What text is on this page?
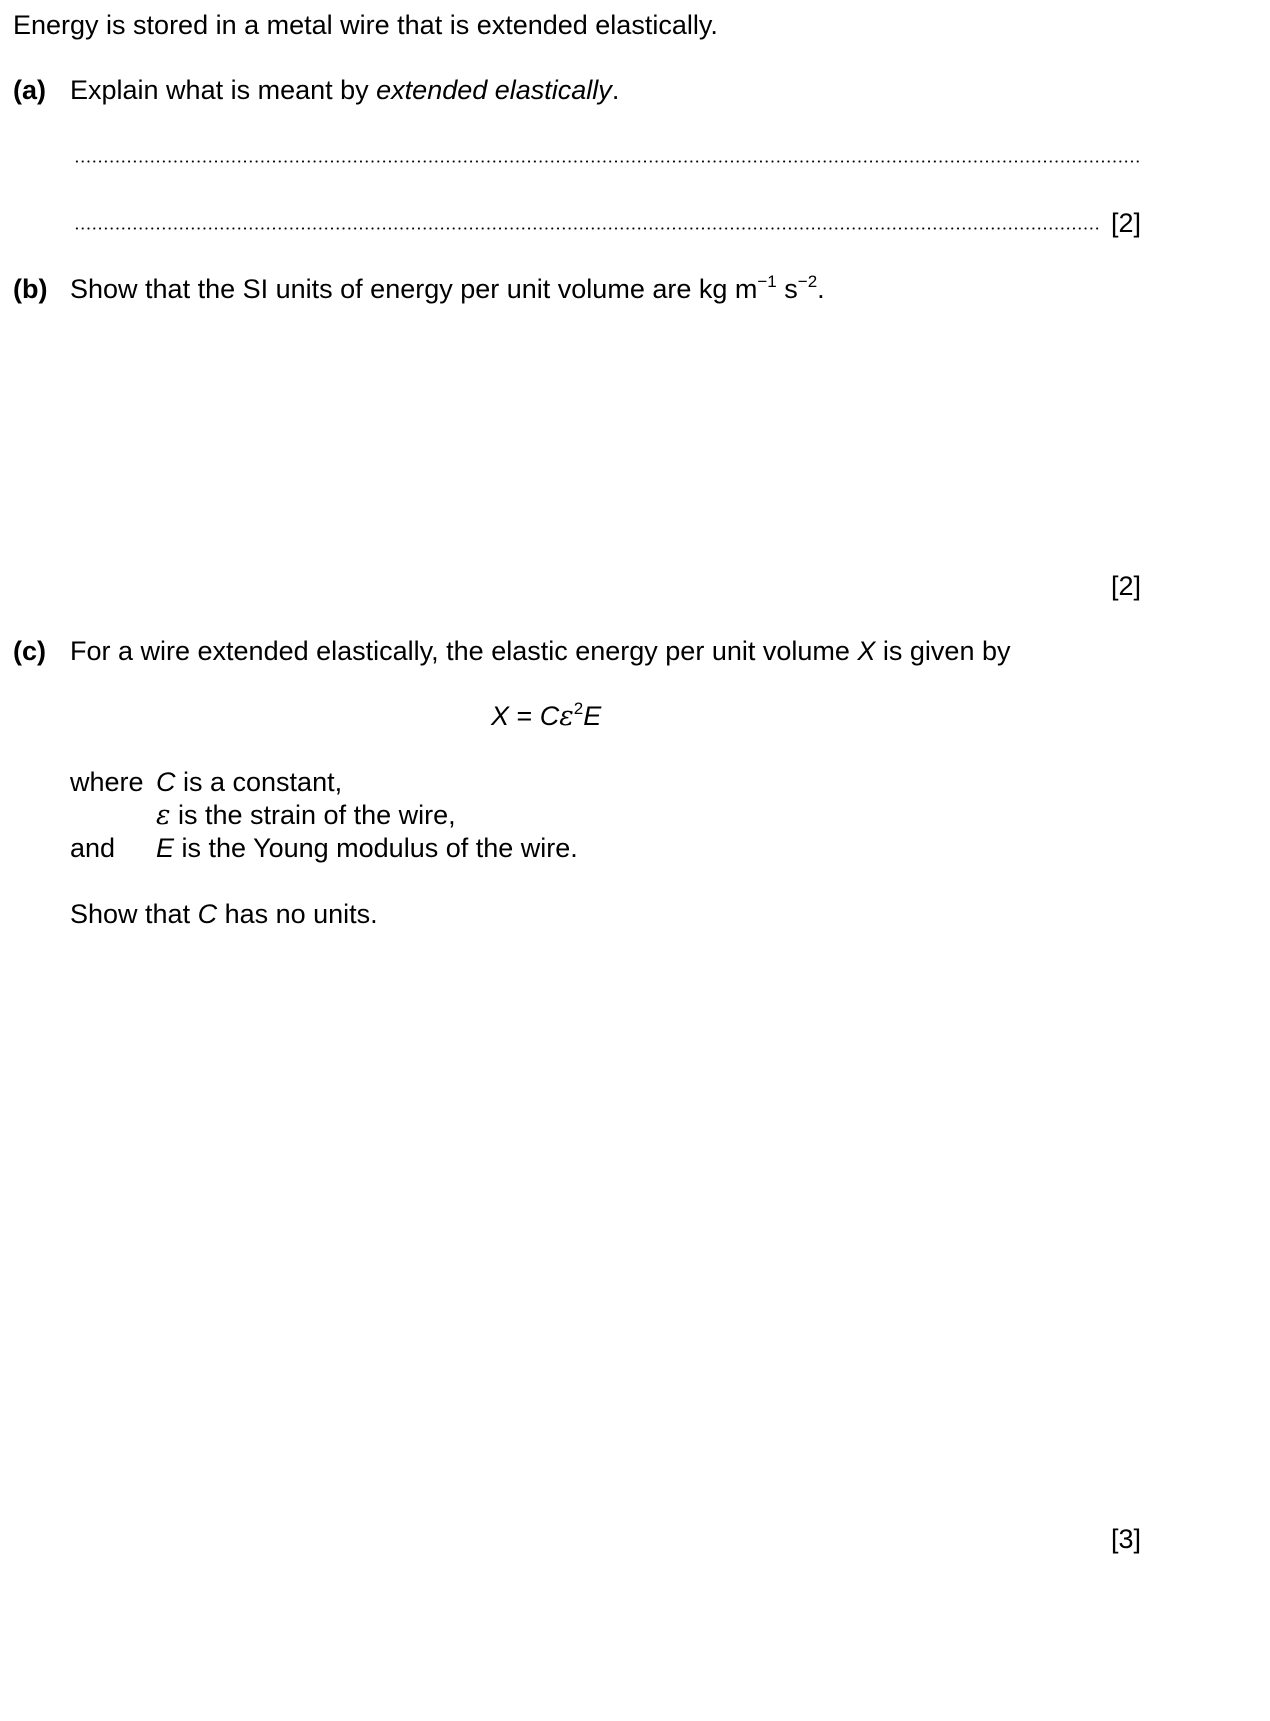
Energy is stored in a metal wire that is extended elastically.
(a) Explain what is meant by extended elastically.
[2]
(b) Show that the SI units of energy per unit volume are kg $m^{-1}$ $s^{-2}$.
[2]
(c) For a wire extended elastically, the elastic energy per unit volume X is given by
$X = C\varepsilon^2E$
where C is a constant,
ε is the strain of the wire,
and E is the Young modulus of the wire.
Show that C has no units.
[3]
